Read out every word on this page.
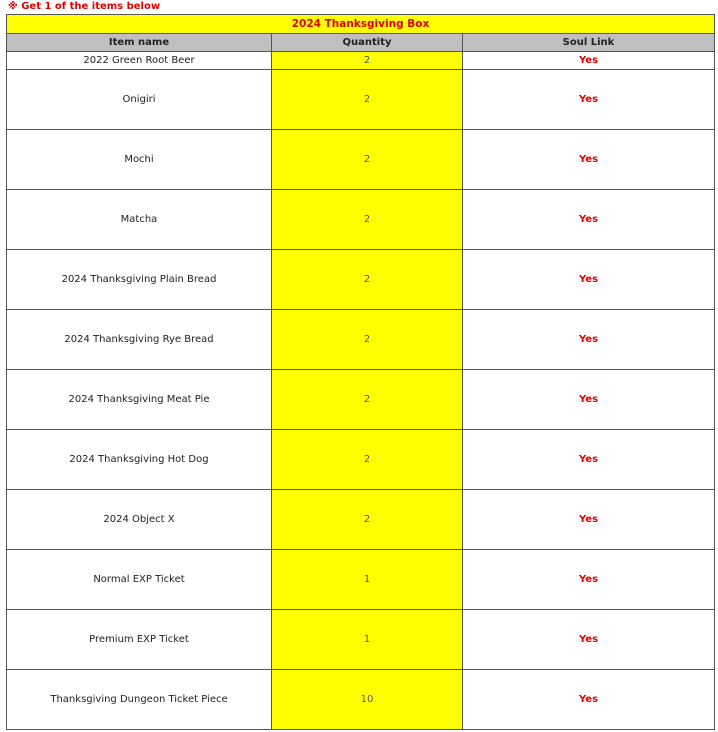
※ Get 1 of the items below
2024 Thanksgiving Box		
Item name	Quantity	Soul Link
2022 Green Root Beer	2	Yes
Onigiri	2	Yes
Mochi	2	Yes
Matcha	2	Yes
2024 Thanksgiving Plain Bread	2	Yes
2024 Thanksgiving Rye Bread	2	Yes
2024 Thanksgiving Meat Pie	2	Yes
2024 Thanksgiving Hot Dog	2	Yes
2024 Object X	2	Yes
Normal EXP Ticket	1	Yes
Premium EXP Ticket	1	Yes
Thanksgiving Dungeon Ticket Piece	10	Yes
